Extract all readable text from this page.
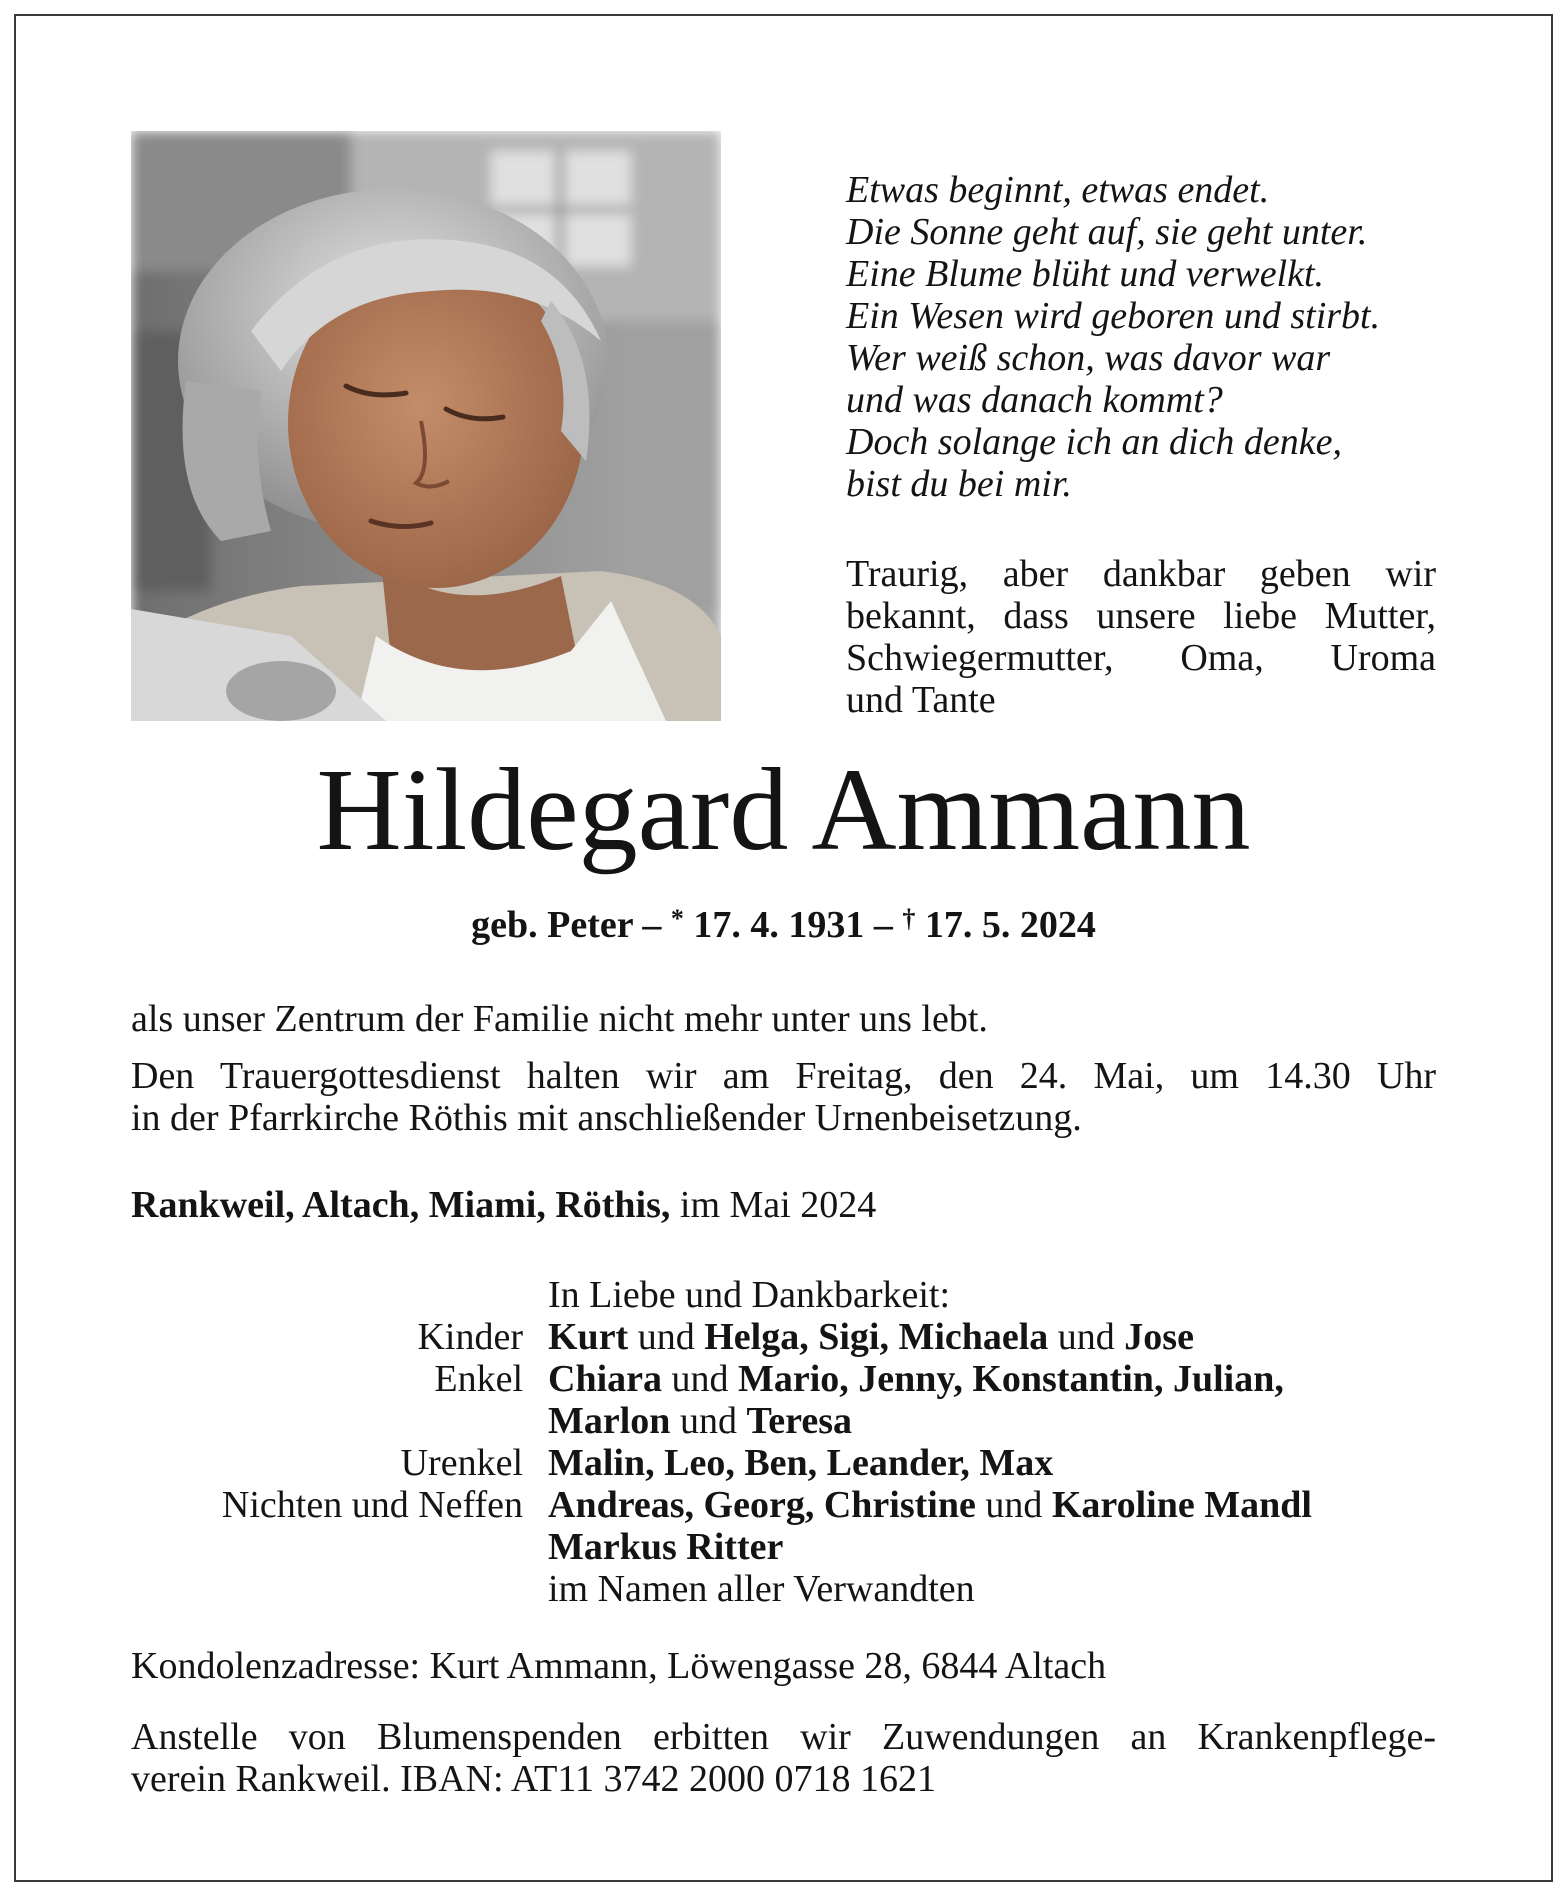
Etwas beginnt, etwas endet.
Die Sonne geht auf, sie geht unter.
Eine Blume blüht und verwelkt.
Ein Wesen wird geboren und stirbt.
Wer weiß schon, was davor war
und was danach kommt?
Doch solange ich an dich denke,
bist du bei mir.
Traurig, aber dankbar geben wir
bekannt, dass unsere liebe Mutter,
Schwiegermutter, Oma, Uroma
und Tante
Hildegard Ammann
geb. Peter – * 17. 4. 1931 – † 17. 5. 2024
als unser Zentrum der Familie nicht mehr unter uns lebt.
Den Trauergottesdienst halten wir am Freitag, den 24. Mai, um 14.30 Uhr
in der Pfarrkirche Röthis mit anschließender Urnenbeisetzung.
Rankweil, Altach, Miami, Röthis, im Mai 2024
In Liebe und Dankbarkeit:
Kinder Kurt und Helga, Sigi, Michaela und Jose
Enkel Chiara und Mario, Jenny, Konstantin, Julian,
Marlon und Teresa
Urenkel Malin, Leo, Ben, Leander, Max
Nichten und Neffen Andreas, Georg, Christine und Karoline Mandl
Markus Ritter
im Namen aller Verwandten
Kondolenzadresse: Kurt Ammann, Löwengasse 28, 6844 Altach
Anstelle von Blumenspenden erbitten wir Zuwendungen an Krankenpflege-
verein Rankweil. IBAN: AT11 3742 2000 0718 1621
